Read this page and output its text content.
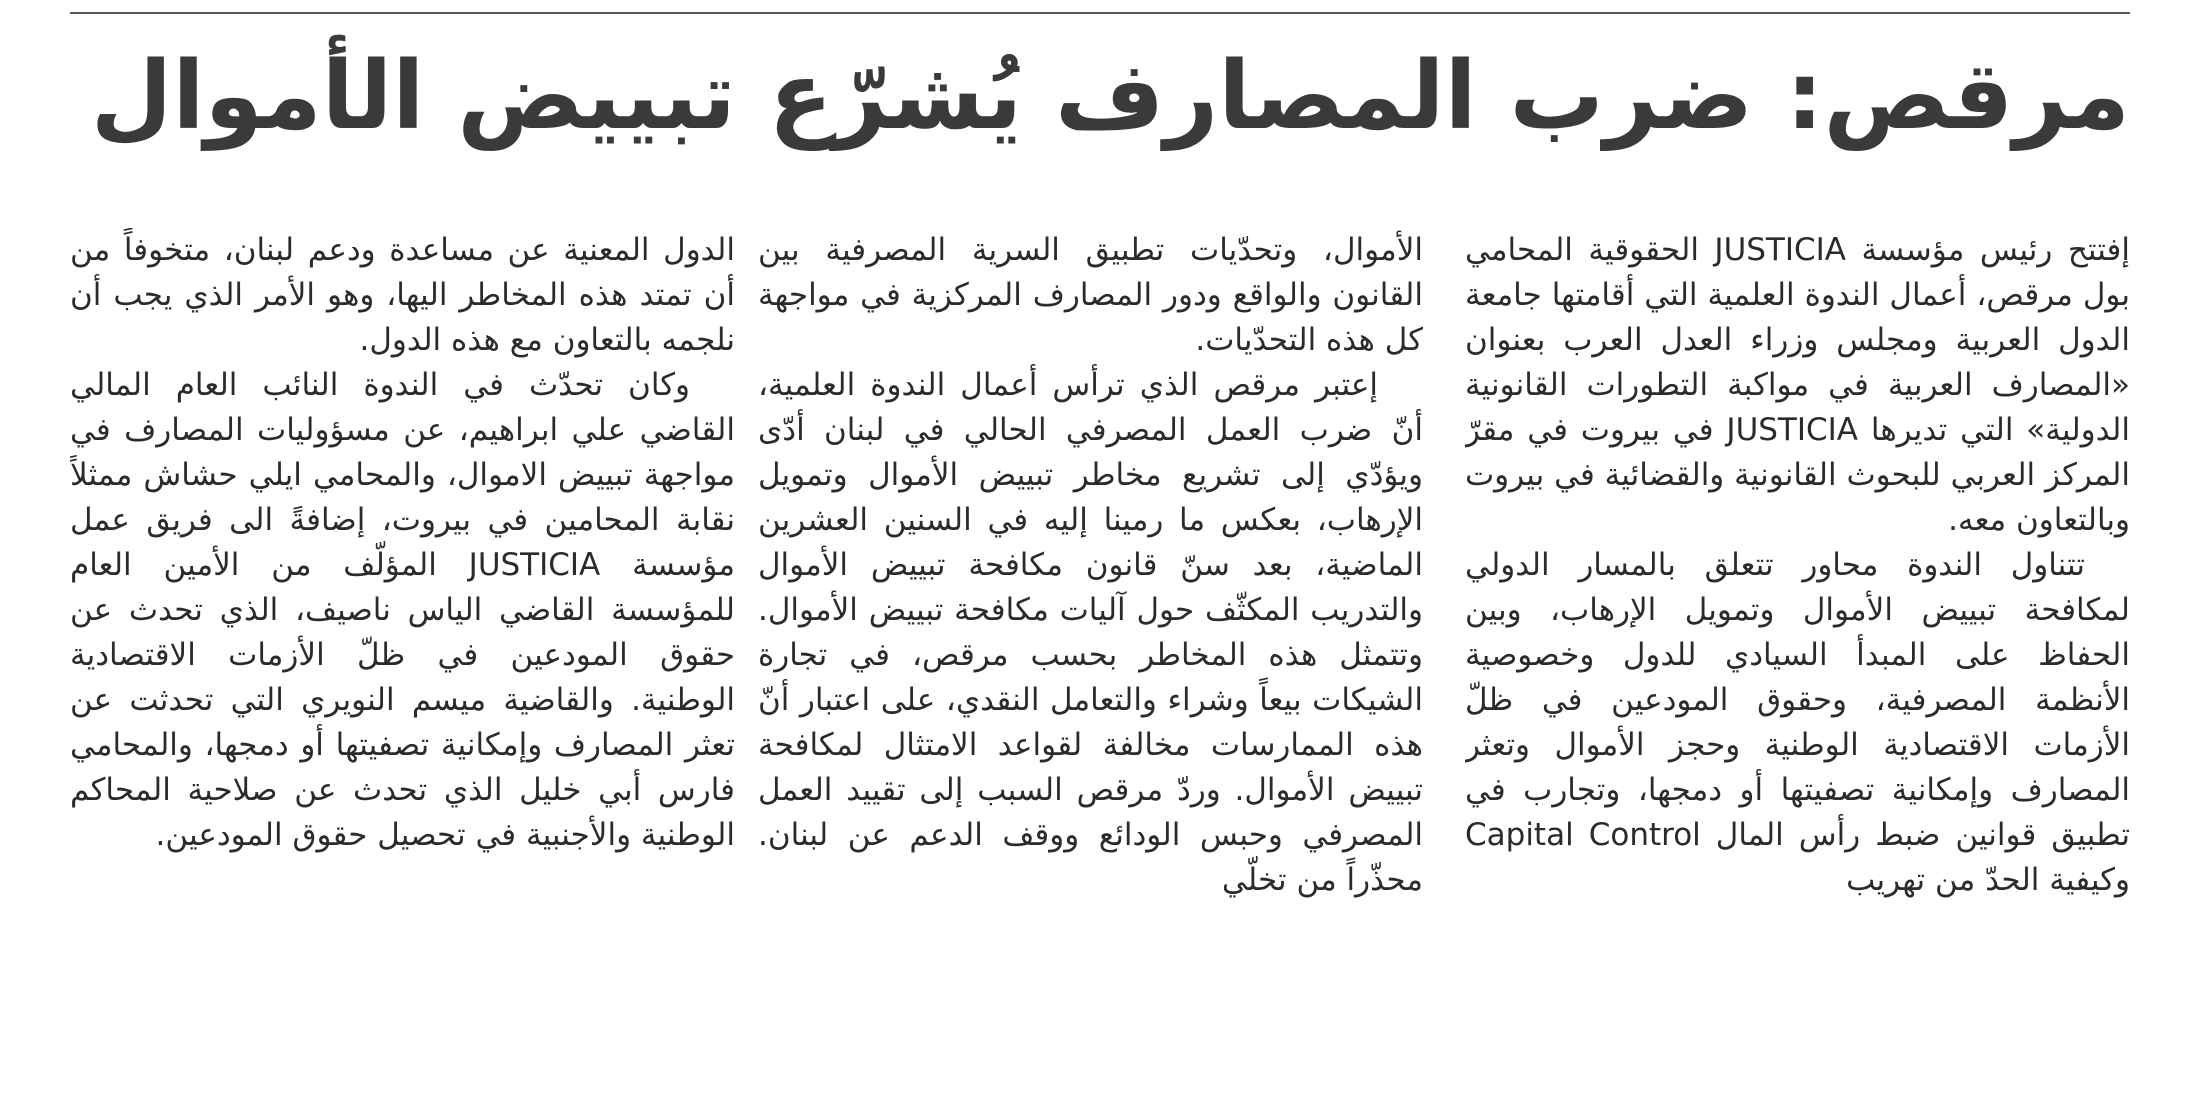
مرقص: ضرب المصارف يُشرّع تبييض الأموال

إفتتح رئيس مؤسسة JUSTICIA الحقوقية المحامي بول مرقص، أعمال الندوة العلمية التي أقامتها جامعة الدول العربية ومجلس وزراء العدل العرب بعنوان «المصارف العربية في مواكبة التطورات القانونية الدولية» التي تديرها JUSTICIA في بيروت في مقرّ المركز العربي للبحوث القانونية والقضائية في بيروت وبالتعاون معه.

تتناول الندوة محاور تتعلق بالمسار الدولي لمكافحة تبييض الأموال وتمويل الإرهاب، وبين الحفاظ على المبدأ السيادي للدول وخصوصية الأنظمة المصرفية، وحقوق المودعين في ظلّ الأزمات الاقتصادية الوطنية وحجز الأموال وتعثر المصارف وإمكانية تصفيتها أو دمجها، وتجارب في تطبيق قوانين ضبط رأس المال Capital Control وكيفية الحدّ من تهريب

الأموال، وتحدّيات تطبيق السرية المصرفية بين القانون والواقع ودور المصارف المركزية في مواجهة كل هذه التحدّيات.

إعتبر مرقص الذي ترأس أعمال الندوة العلمية، أنّ ضرب العمل المصرفي الحالي في لبنان أدّى ويؤدّي إلى تشريع مخاطر تبييض الأموال وتمويل الإرهاب، بعكس ما رمينا إليه في السنين العشرين الماضية، بعد سنّ قانون مكافحة تبييض الأموال والتدريب المكثّف حول آليات مكافحة تبييض الأموال. وتتمثل هذه المخاطر بحسب مرقص، في تجارة الشيكات بيعاً وشراء والتعامل النقدي، على اعتبار أنّ هذه الممارسات مخالفة لقواعد الامتثال لمكافحة تبييض الأموال. وردّ مرقص السبب إلى تقييد العمل المصرفي وحبس الودائع ووقف الدعم عن لبنان. محذّراً من تخلّي

الدول المعنية عن مساعدة ودعم لبنان، متخوفاً من أن تمتد هذه المخاطر اليها، وهو الأمر الذي يجب أن نلجمه بالتعاون مع هذه الدول.

وكان تحدّث في الندوة النائب العام المالي القاضي علي ابراهيم، عن مسؤوليات المصارف في مواجهة تبييض الاموال، والمحامي ايلي حشاش ممثلاً نقابة المحامين في بيروت، إضافةً الى فريق عمل مؤسسة JUSTICIA المؤلّف من الأمين العام للمؤسسة القاضي الياس ناصيف، الذي تحدث عن حقوق المودعين في ظلّ الأزمات الاقتصادية الوطنية. والقاضية ميسم النويري التي تحدثت عن تعثر المصارف وإمكانية تصفيتها أو دمجها، والمحامي فارس أبي خليل الذي تحدث عن صلاحية المحاكم الوطنية والأجنبية في تحصيل حقوق المودعين.
